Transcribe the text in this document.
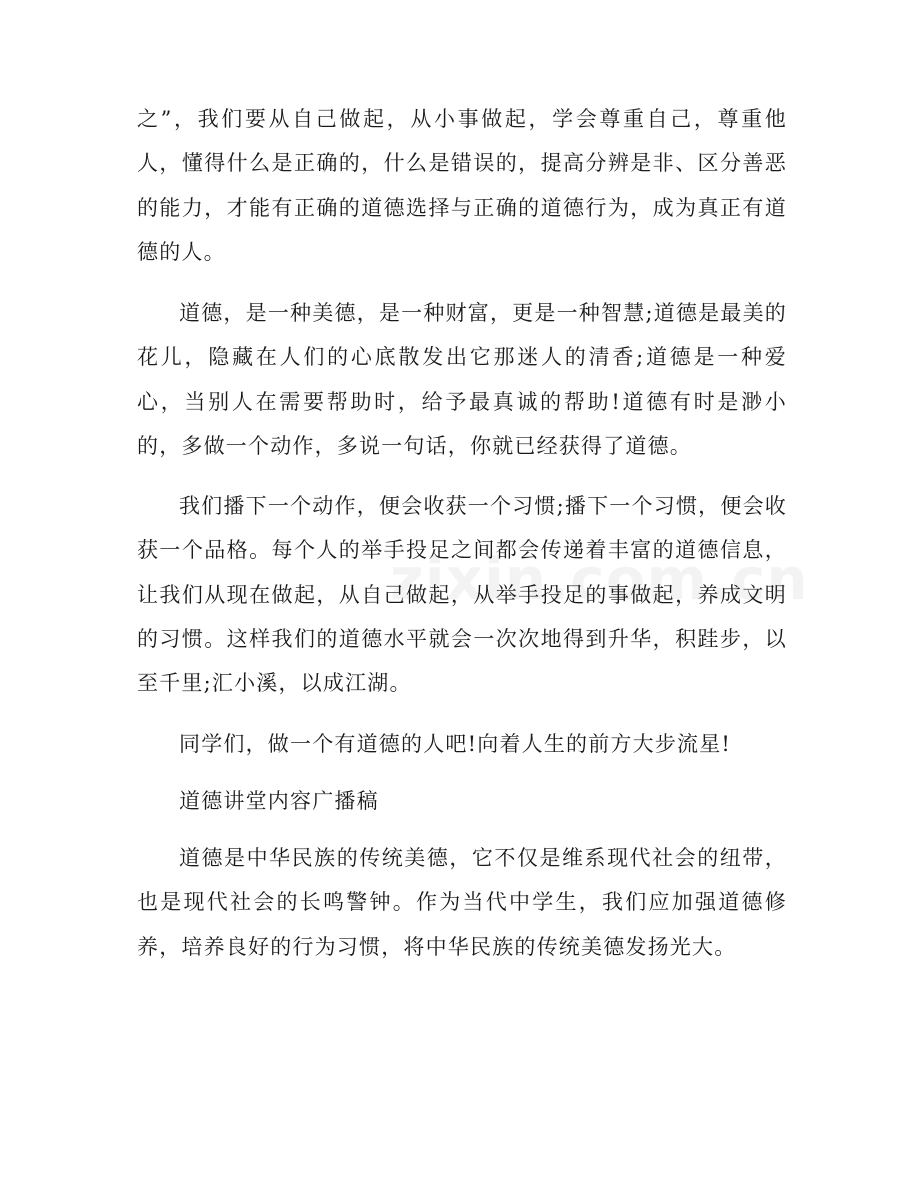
之”，我们要从自己做起，从小事做起，学会尊重自己，尊重他人，懂得什么是正确的，什么是错误的，提高分辨是非、区分善恶的能力，才能有正确的道德选择与正确的道德行为，成为真正有道德的人。

道德，是一种美德，是一种财富，更是一种智慧;道德是最美的花儿，隐藏在人们的心底散发出它那迷人的清香;道德是一种爱心，当别人在需要帮助时，给予最真诚的帮助!道德有时是渺小的，多做一个动作，多说一句话，你就已经获得了道德。

我们播下一个动作，便会收获一个习惯;播下一个习惯，便会收获一个品格。每个人的举手投足之间都会传递着丰富的道德信息，让我们从现在做起，从自己做起，从举手投足的事做起，养成文明的习惯。这样我们的道德水平就会一次次地得到升华，积跬步，以至千里;汇小溪，以成江湖。

同学们，做一个有道德的人吧!向着人生的前方大步流星!

道德讲堂内容广播稿

道德是中华民族的传统美德，它不仅是维系现代社会的纽带，也是现代社会的长鸣警钟。作为当代中学生，我们应加强道德修养，培养良好的行为习惯，将中华民族的传统美德发扬光大。
